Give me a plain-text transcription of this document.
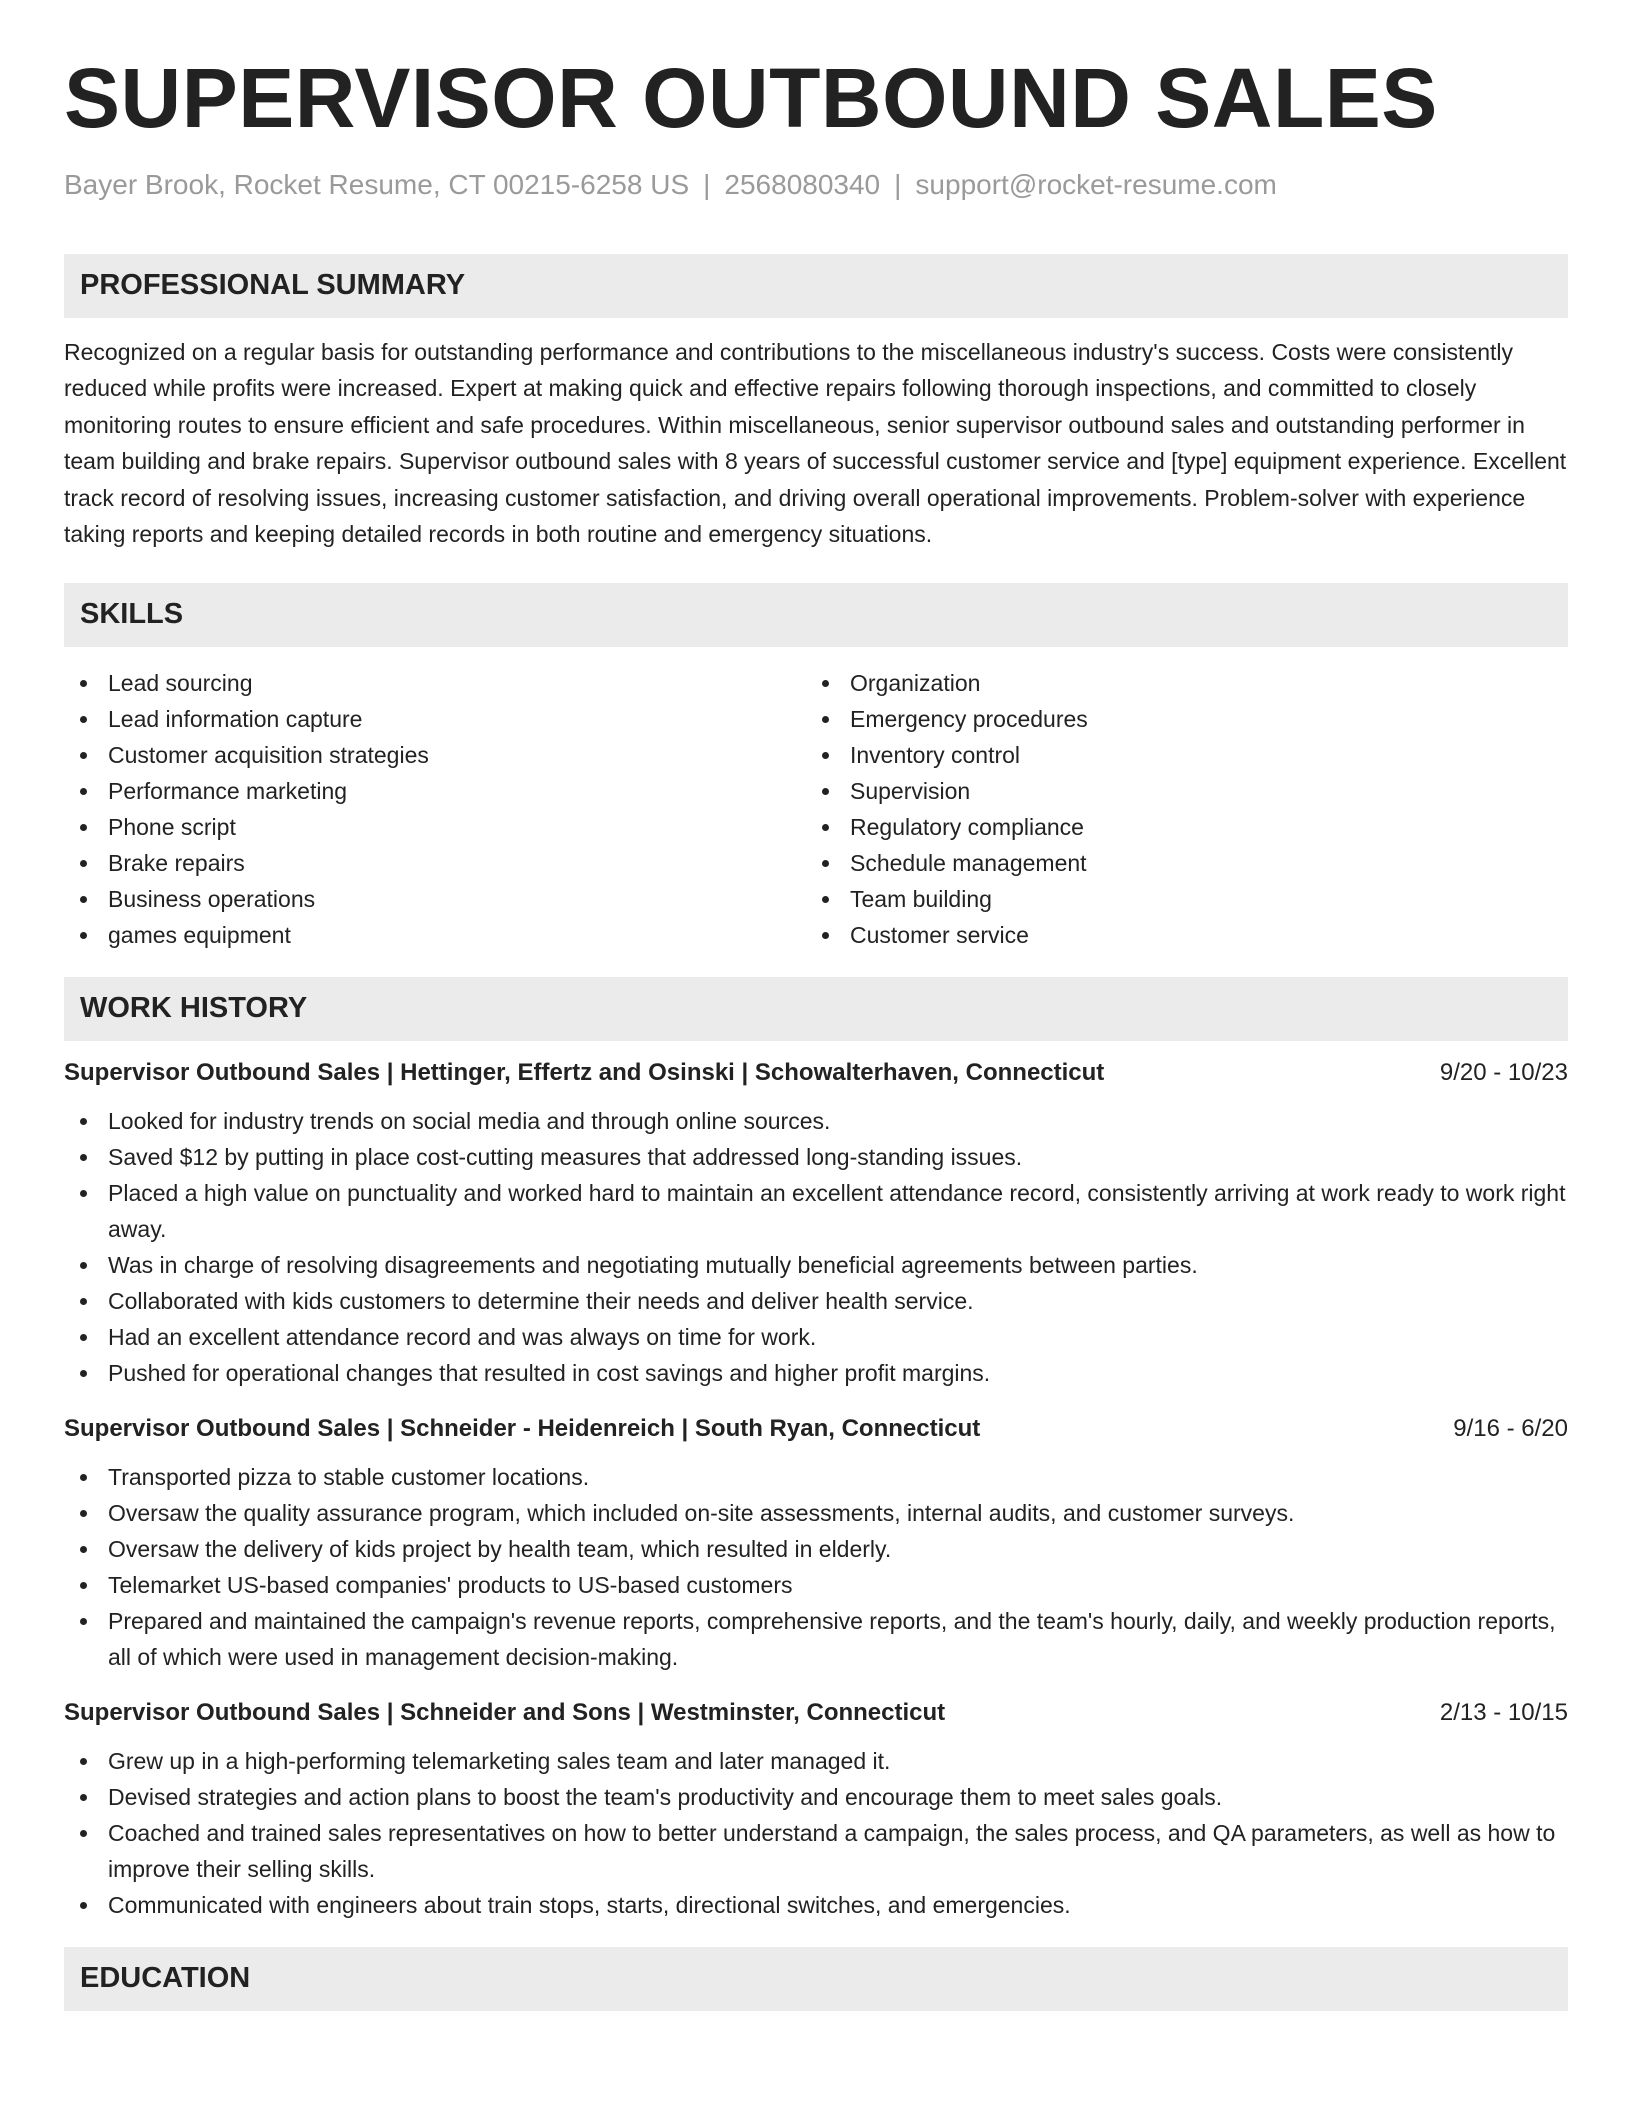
SUPERVISOR OUTBOUND SALES
Bayer Brook, Rocket Resume, CT 00215-6258 US | 2568080340 | support@rocket-resume.com
PROFESSIONAL SUMMARY
Recognized on a regular basis for outstanding performance and contributions to the miscellaneous industry's success. Costs were consistently reduced while profits were increased. Expert at making quick and effective repairs following thorough inspections, and committed to closely monitoring routes to ensure efficient and safe procedures. Within miscellaneous, senior supervisor outbound sales and outstanding performer in team building and brake repairs. Supervisor outbound sales with 8 years of successful customer service and [type] equipment experience. Excellent track record of resolving issues, increasing customer satisfaction, and driving overall operational improvements. Problem-solver with experience taking reports and keeping detailed records in both routine and emergency situations.
SKILLS
Lead sourcing
Lead information capture
Customer acquisition strategies
Performance marketing
Phone script
Brake repairs
Business operations
games equipment
Organization
Emergency procedures
Inventory control
Supervision
Regulatory compliance
Schedule management
Team building
Customer service
WORK HISTORY
Supervisor Outbound Sales | Hettinger, Effertz and Osinski | Schowalterhaven, Connecticut	9/20 - 10/23
Looked for industry trends on social media and through online sources.
Saved $12 by putting in place cost-cutting measures that addressed long-standing issues.
Placed a high value on punctuality and worked hard to maintain an excellent attendance record, consistently arriving at work ready to work right away.
Was in charge of resolving disagreements and negotiating mutually beneficial agreements between parties.
Collaborated with kids customers to determine their needs and deliver health service.
Had an excellent attendance record and was always on time for work.
Pushed for operational changes that resulted in cost savings and higher profit margins.
Supervisor Outbound Sales | Schneider - Heidenreich | South Ryan, Connecticut	9/16 - 6/20
Transported pizza to stable customer locations.
Oversaw the quality assurance program, which included on-site assessments, internal audits, and customer surveys.
Oversaw the delivery of kids project by health team, which resulted in elderly.
Telemarket US-based companies' products to US-based customers
Prepared and maintained the campaign's revenue reports, comprehensive reports, and the team's hourly, daily, and weekly production reports, all of which were used in management decision-making.
Supervisor Outbound Sales | Schneider and Sons | Westminster, Connecticut	2/13 - 10/15
Grew up in a high-performing telemarketing sales team and later managed it.
Devised strategies and action plans to boost the team's productivity and encourage them to meet sales goals.
Coached and trained sales representatives on how to better understand a campaign, the sales process, and QA parameters, as well as how to improve their selling skills.
Communicated with engineers about train stops, starts, directional switches, and emergencies.
EDUCATION
